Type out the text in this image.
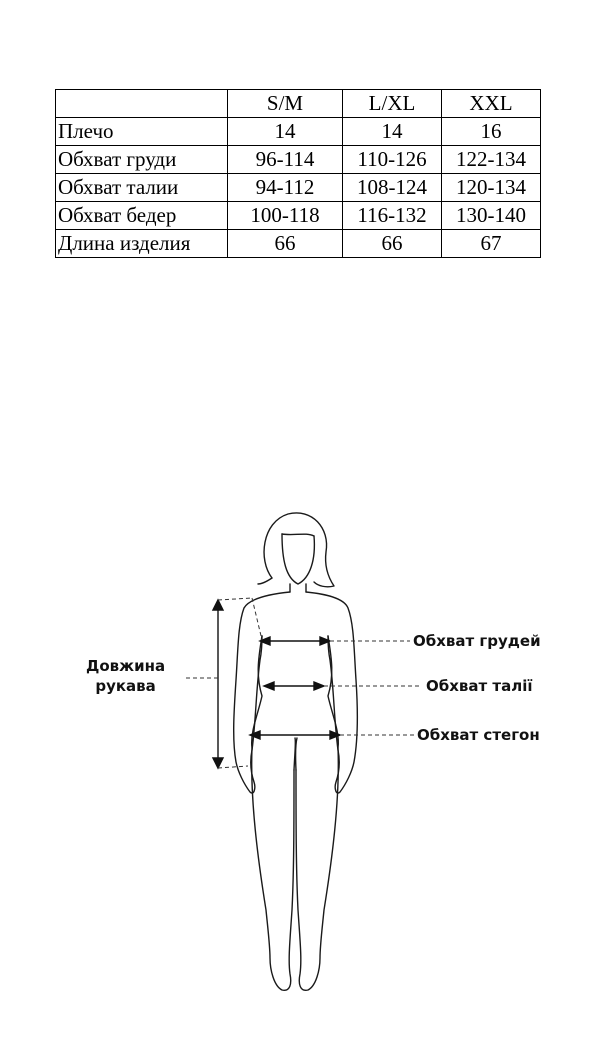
	S/M	L/XL	XXL
Плечо	14	14	16
Обхват груди	96-114	110-126	122-134
Обхват талии	94-112	108-124	120-134
Обхват бедер	100-118	116-132	130-140
Длина изделия	66	66	67
Довжина
рукава
Обхват грудей
Обхват талії
Обхват стегон
